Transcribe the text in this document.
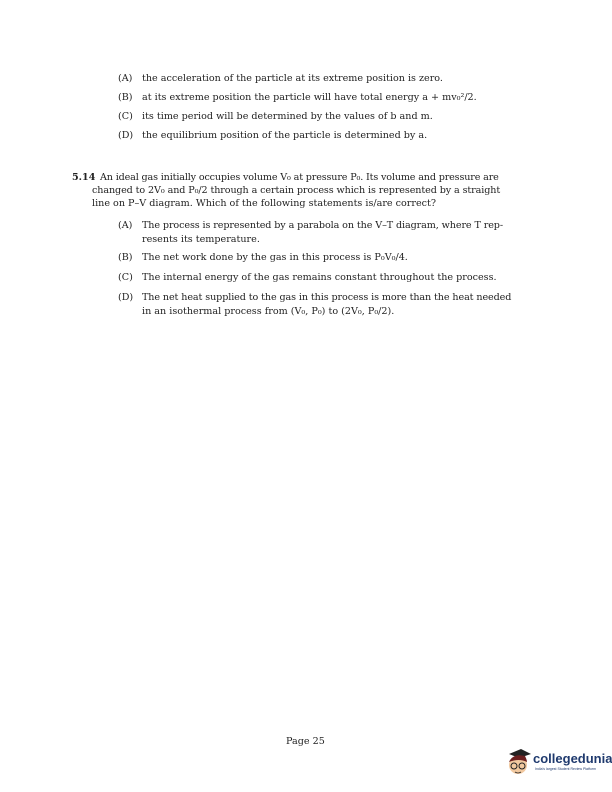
(A) the acceleration of the particle at its extreme position is zero.
(B) at its extreme position the particle will have total energy a + mv₀²/2.
(C) its time period will be determined by the values of b and m.
(D) the equilibrium position of the particle is determined by a.
5.14 An ideal gas initially occupies volume V₀ at pressure P₀. Its volume and pressure are
changed to 2V₀ and P₀/2 through a certain process which is represented by a straight
line on P–V diagram. Which of the following statements is/are correct?
(A) The process is represented by a parabola on the V–T diagram, where T rep-
resents its temperature.
(B) The net work done by the gas in this process is P₀V₀/4.
(C) The internal energy of the gas remains constant throughout the process.
(D) The net heat supplied to the gas in this process is more than the heat needed
in an isothermal process from (V₀, P₀) to (2V₀, P₀/2).
Page 25
collegedunia
India's largest Student Review Platform
